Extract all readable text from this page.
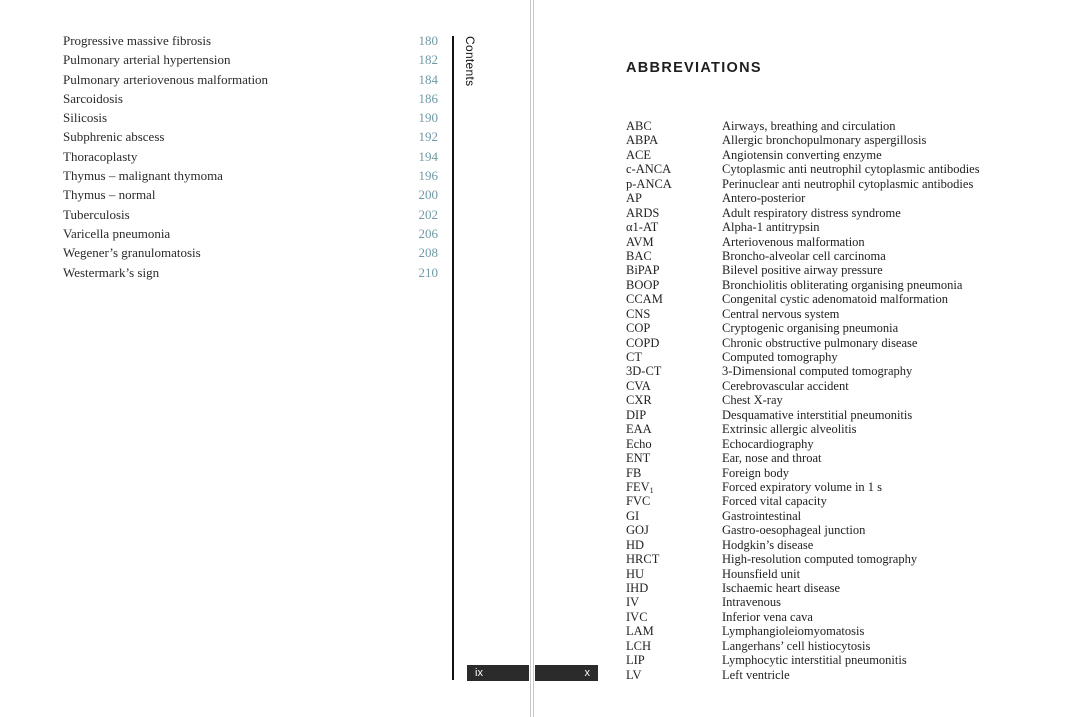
Progressive massive fibrosis	180
Pulmonary arterial hypertension	182
Pulmonary arteriovenous malformation	184
Sarcoidosis	186
Silicosis	190
Subphrenic abscess	192
Thoracoplasty	194
Thymus – malignant thymoma	196
Thymus – normal	200
Tuberculosis	202
Varicella pneumonia	206
Wegener’s granulomatosis	208
Westermark’s sign	210
Contents
ix	x
ABBREVIATIONS
ABC	Airways, breathing and circulation
ABPA	Allergic bronchopulmonary aspergillosis
ACE	Angiotensin converting enzyme
c-ANCA	Cytoplasmic anti neutrophil cytoplasmic antibodies
p-ANCA	Perinuclear anti neutrophil cytoplasmic antibodies
AP	Antero-posterior
ARDS	Adult respiratory distress syndrome
α1-AT	Alpha-1 antitrypsin
AVM	Arteriovenous malformation
BAC	Broncho-alveolar cell carcinoma
BiPAP	Bilevel positive airway pressure
BOOP	Bronchiolitis obliterating organising pneumonia
CCAM	Congenital cystic adenomatoid malformation
CNS	Central nervous system
COP	Cryptogenic organising pneumonia
COPD	Chronic obstructive pulmonary disease
CT	Computed tomography
3D-CT	3-Dimensional computed tomography
CVA	Cerebrovascular accident
CXR	Chest X-ray
DIP	Desquamative interstitial pneumonitis
EAA	Extrinsic allergic alveolitis
Echo	Echocardiography
ENT	Ear, nose and throat
FB	Foreign body
$FEV_1$	Forced expiratory volume in 1 s
FVC	Forced vital capacity
GI	Gastrointestinal
GOJ	Gastro-oesophageal junction
HD	Hodgkin’s disease
HRCT	High-resolution computed tomography
HU	Hounsfield unit
IHD	Ischaemic heart disease
IV	Intravenous
IVC	Inferior vena cava
LAM	Lymphangioleiomyomatosis
LCH	Langerhans’ cell histiocytosis
LIP	Lymphocytic interstitial pneumonitis
LV	Left ventricle
